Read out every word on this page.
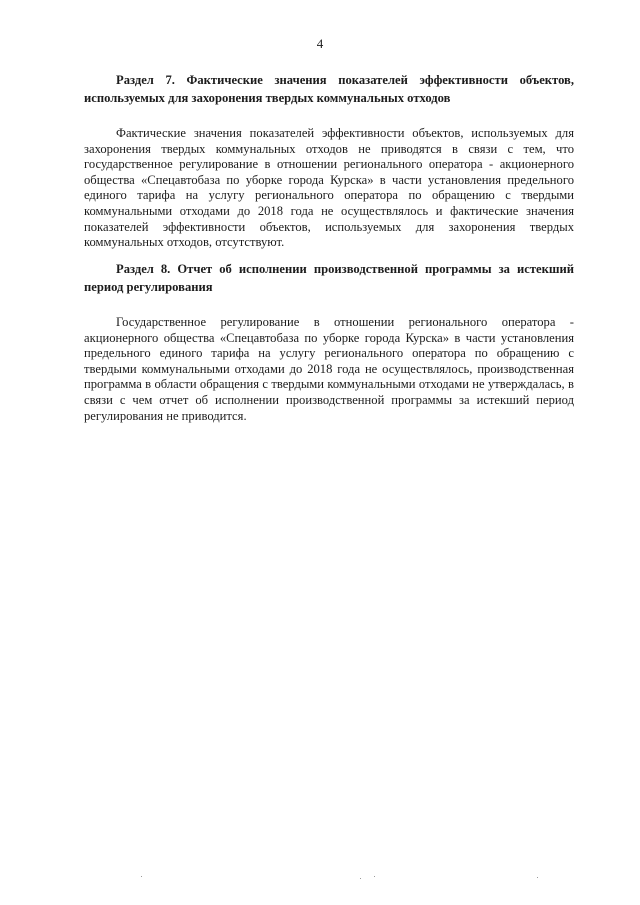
4

Раздел 7. Фактические значения показателей эффективности объектов, используемых для захоронения твердых коммунальных отходов

Фактические значения показателей эффективности объектов, используемых для захоронения твердых коммунальных отходов не приводятся в связи с тем, что государственное регулирование в отношении регионального оператора - акционерного общества «Спецавтобаза по уборке города Курска» в части установления предельного единого тарифа на услугу регионального оператора по обращению с твердыми коммунальными отходами до 2018 года не осуществлялось и фактические значения показателей эффективности объектов, используемых для захоронения твердых коммунальных отходов, отсутствуют.

Раздел 8. Отчет об исполнении производственной программы за истекший период регулирования

Государственное регулирование в отношении регионального оператора - акционерного общества «Спецавтобаза по уборке города Курска» в части установления предельного единого тарифа на услугу регионального оператора по обращению с твердыми коммунальными отходами до 2018 года не осуществлялось, производственная программа в области обращения с твердыми коммунальными отходами не утверждалась, в связи с чем отчет об исполнении производственной программы за истекший период регулирования не приводится.
